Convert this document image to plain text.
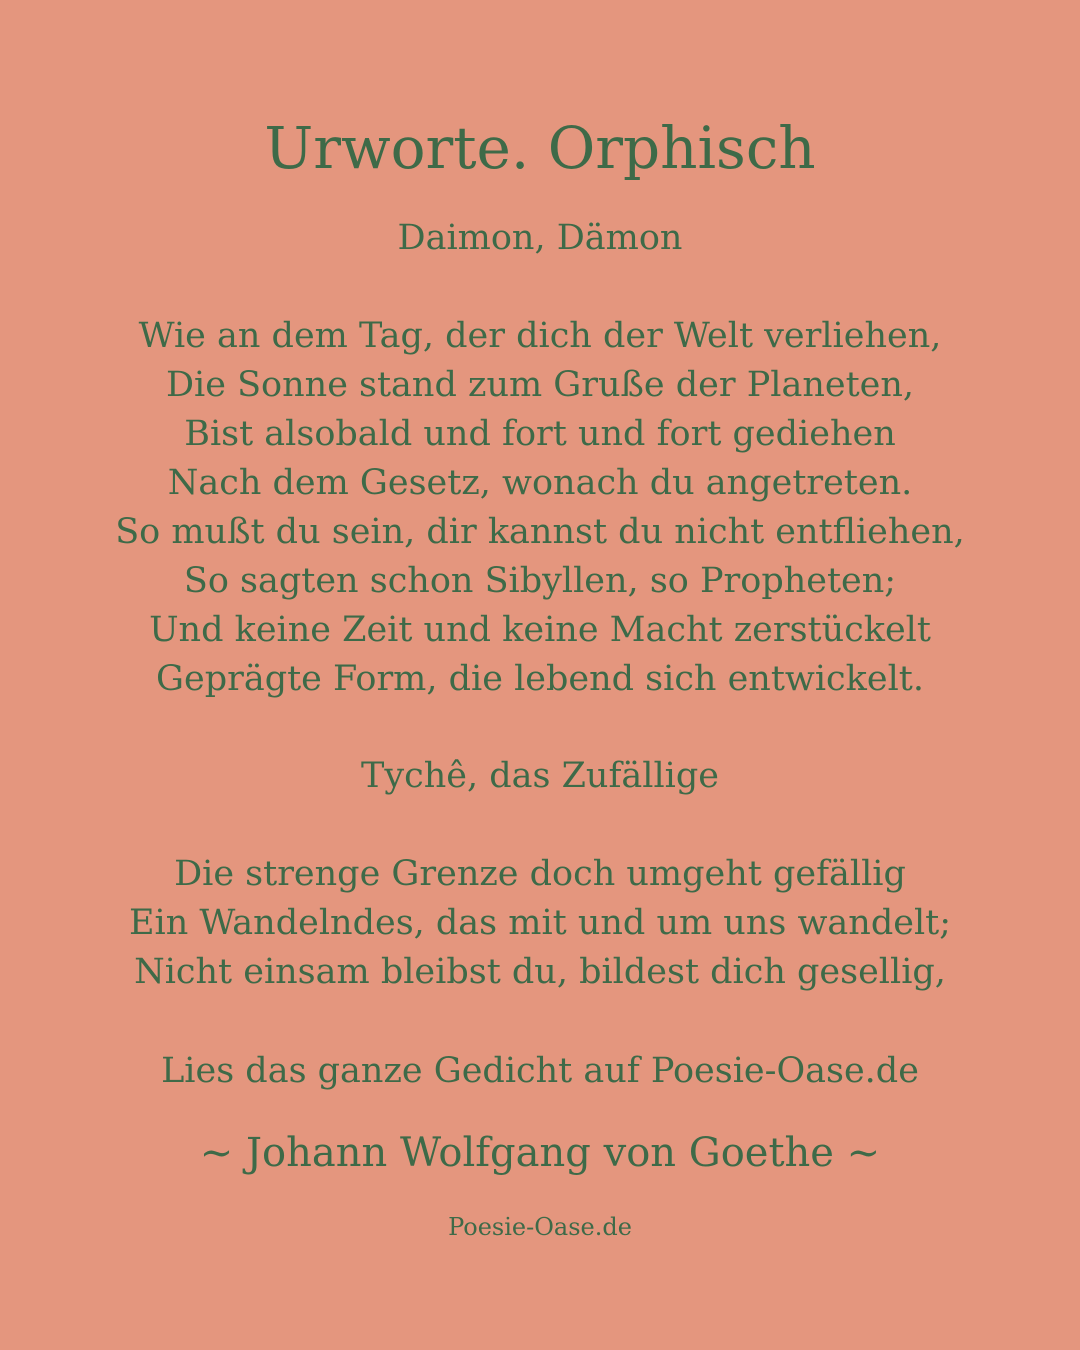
Urworte. Orphisch
Daimon, Dämon
Wie an dem Tag, der dich der Welt verliehen,
Die Sonne stand zum Gruße der Planeten,
Bist alsobald und fort und fort gediehen
Nach dem Gesetz, wonach du angetreten.
So mußt du sein, dir kannst du nicht entfliehen,
So sagten schon Sibyllen, so Propheten;
Und keine Zeit und keine Macht zerstückelt
Geprägte Form, die lebend sich entwickelt.
Tychê, das Zufällige
Die strenge Grenze doch umgeht gefällig
Ein Wandelndes, das mit und um uns wandelt;
Nicht einsam bleibst du, bildest dich gesellig,

Lies das ganze Gedicht auf Poesie-Oase.de

~ Johann Wolfgang von Goethe ~

Poesie-Oase.de
